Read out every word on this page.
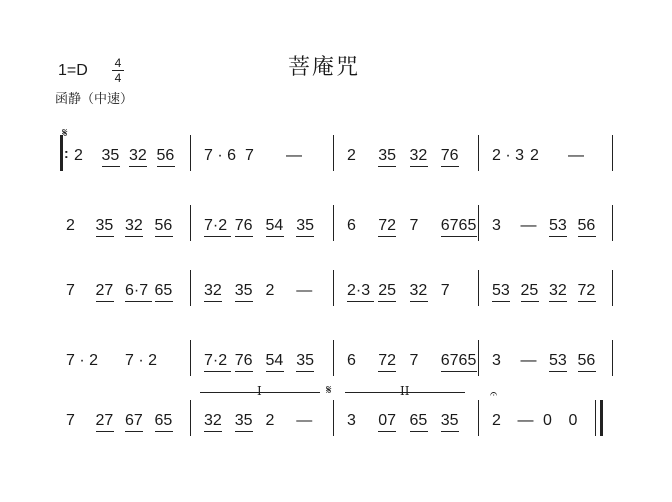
菩庵咒
1=D 4
4
函静（中速）
:
𝄋
2 35 32 56 7 · 6 7 —	2 35 32 76 2 · 3 2 —
2 35 32 56 7·2 76 54 35 6 72 7 6765 3 — 53 56
7 27 6·7 65 32 35 2 — 2·3 25 32 7	53 25 32 72
7 · 2 7 · 2	7·2 76 54 35 6 72 7 6765 3 — 53 56
7 27 67 65 32 35 2 — 3 07 65 35 2 — 0 0
I	II
𝄋	𝄐
